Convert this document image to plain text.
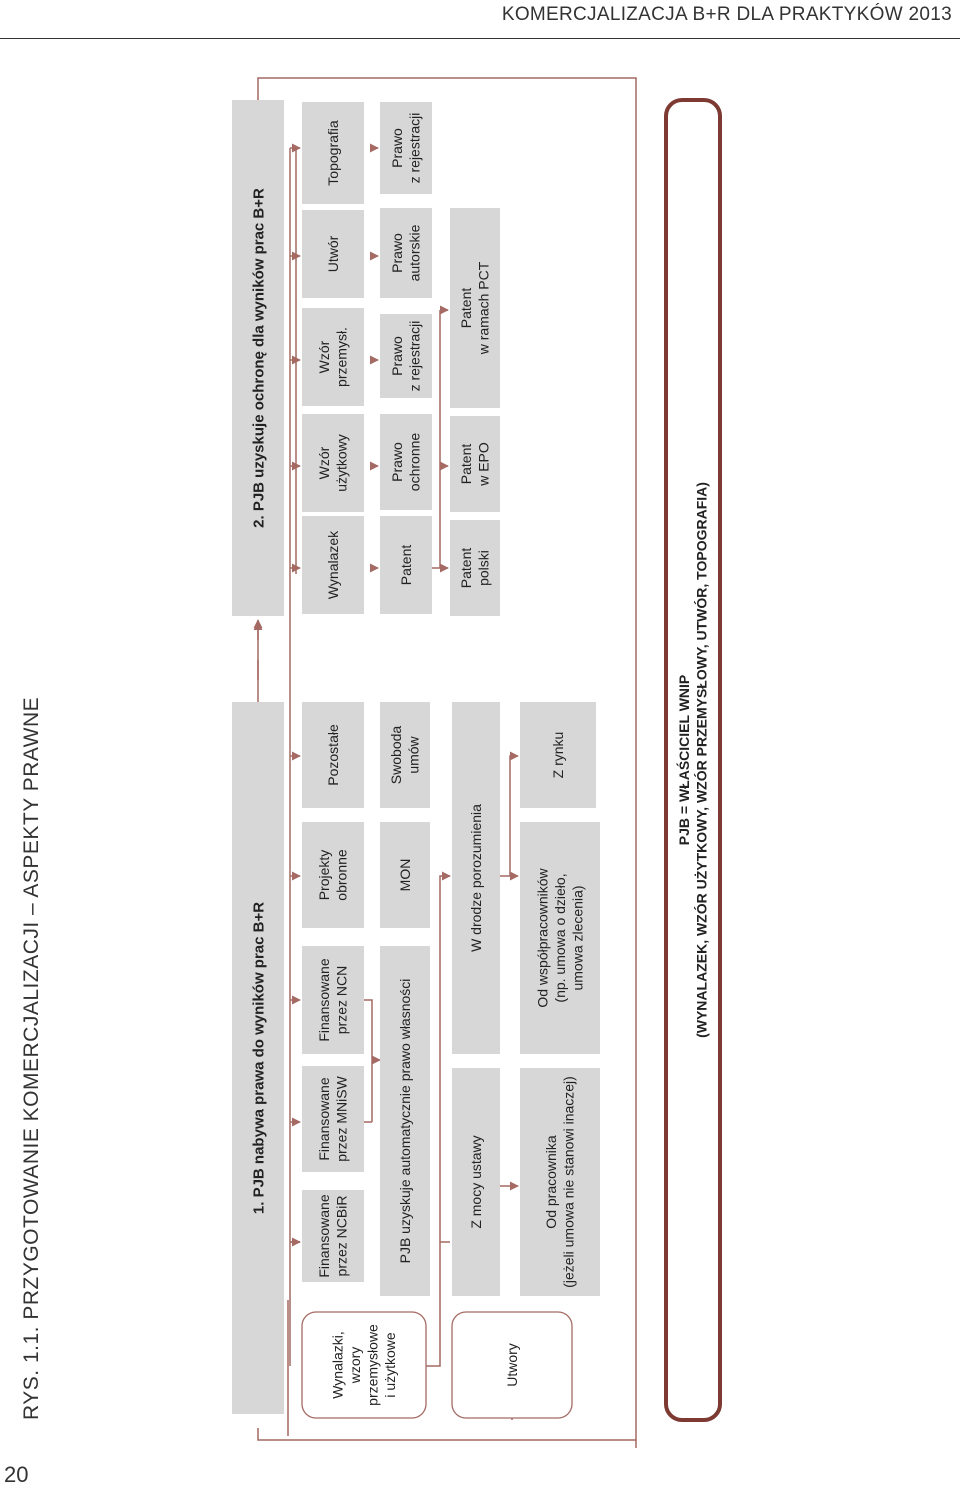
KOMERCJALIZACJA B+R DLA PRAKTYKÓW 2013
RYS. 1.1. PRZYGOTOWANIE KOMERCJALIZACJI – ASPEKTY PRAWNE
20
Wynalazki, wzory przemysłowe i użytkowe	Utwory
1. PJB nabywa prawa do wyników prac B+R
Finansowane przez NCBiR
Finansowane przez MNiSW
Finansowane przez NCN
Projekty obronne
Pozostałe
PJB uzyskuje automatycznie prawo własności
MON
Swoboda umów
Z mocy ustawy
W drodze porozumienia
Od pracownika (jeżeli umowa nie stanowi inaczej)
Od współpracowników (np. umowa o dzieło, umowa zlecenia)
Z rynku
2. PJB uzyskuje ochronę dla wyników prac B+R
Wynalazek
Wzór użytkowy
Wzór przemysł.
Utwór
Topografia
Patent
Prawo ochronne
Prawo z rejestracji
Prawo autorskie
Prawo z rejestracji
Patent polski
Patent w EPO
Patent w ramach PCT
PJB = WŁAŚCICIEL WNIP (WYNALAZEK, WZÓR UŻYTKOWY, WZÓR PRZEMYSŁOWY, UTWÓR, TOPOGRAFIA)
